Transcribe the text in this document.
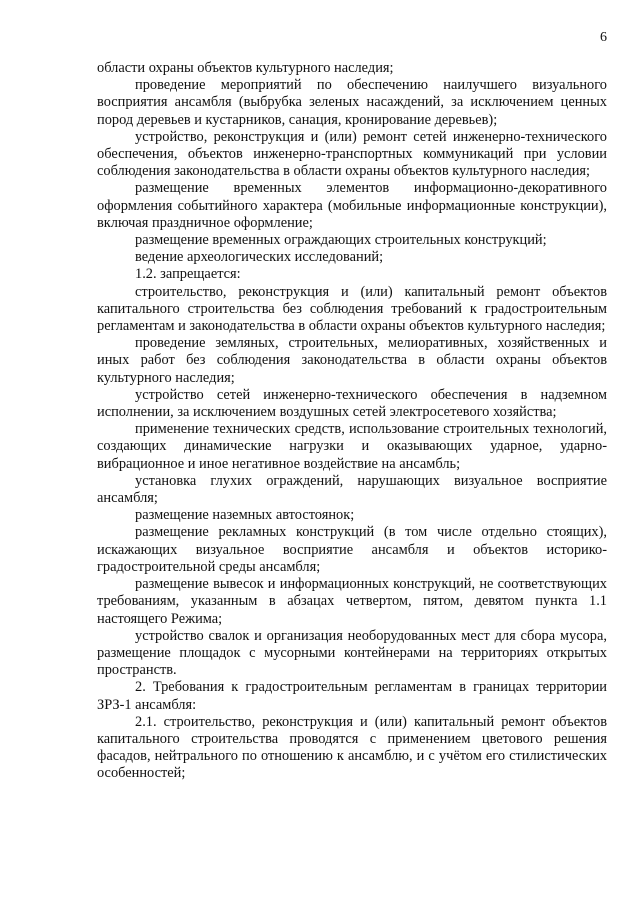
6

области охраны объектов культурного наследия;

проведение мероприятий по обеспечению наилучшего визуального восприятия ансамбля (выбрубка зеленых насаждений, за исключением ценных пород деревьев и кустарников, санация, кронирование деревьев);

устройство, реконструкция и (или) ремонт сетей инженерно-технического обеспечения, объектов инженерно-транспортных коммуникаций при условии соблюдения законодательства в области охраны объектов культурного наследия;

размещение временных элементов информационно-декоративного оформления событийного характера (мобильные информационные конструкции), включая праздничное оформление;

размещение временных ограждающих строительных конструкций;

ведение археологических исследований;

1.2. запрещается:

строительство, реконструкция и (или) капитальный ремонт объектов капитального строительства без соблюдения требований к градостроительным регламентам и законодательства в области охраны объектов культурного наследия;

проведение земляных, строительных, мелиоративных, хозяйственных и иных работ без соблюдения законодательства в области охраны объектов культурного наследия;

устройство сетей инженерно-технического обеспечения в надземном исполнении, за исключением воздушных сетей электросетевого хозяйства;

применение технических средств, использование строительных технологий, создающих динамические нагрузки и оказывающих ударное, ударно-вибрационное и иное негативное воздействие на ансамбль;

установка глухих ограждений, нарушающих визуальное восприятие ансамбля;

размещение наземных автостоянок;

размещение рекламных конструкций (в том числе отдельно стоящих), искажающих визуальное восприятие ансамбля и объектов историко-градостроительной среды ансамбля;

размещение вывесок и информационных конструкций, не соответствующих требованиям, указанным в абзацах четвертом, пятом, девятом пункта 1.1 настоящего Режима;

устройство свалок и организация необорудованных мест для сбора мусора, размещение площадок с мусорными контейнерами на территориях открытых пространств.

2. Требования к градостроительным регламентам в границах территории ЗРЗ-1 ансамбля:

2.1. строительство, реконструкция и (или) капитальный ремонт объектов капитального строительства проводятся с применением цветового решения фасадов, нейтрального по отношению к ансамблю, и с учётом его стилистических особенностей;
